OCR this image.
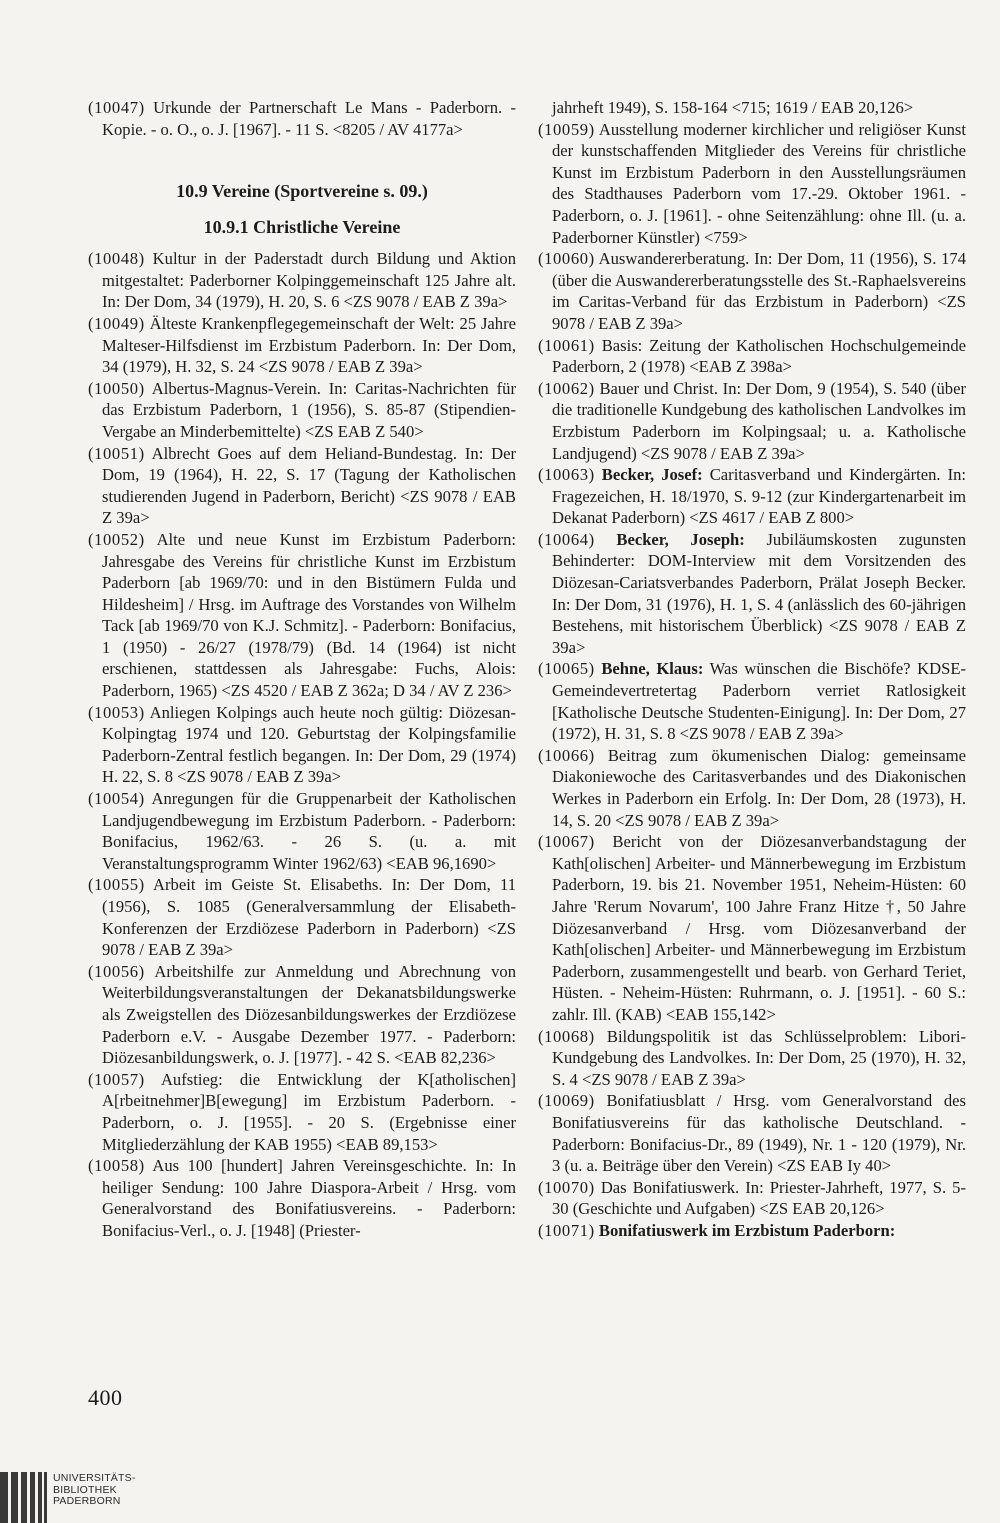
(10047) Urkunde der Partnerschaft Le Mans - Paderborn. - Kopie. - o. O., o. J. [1967]. - 11 S. <8205 / AV 4177a>

10.9 Vereine (Sportvereine s. 09.)

10.9.1 Christliche Vereine

(10048) Kultur in der Paderstadt durch Bildung und Aktion mitgestaltet: Paderborner Kolpinggemeinschaft 125 Jahre alt. In: Der Dom, 34 (1979), H. 20, S. 6 <ZS 9078 / EAB Z 39a>

(10049) Älteste Krankenpflegegemeinschaft der Welt: 25 Jahre Malteser-Hilfsdienst im Erzbistum Paderborn. In: Der Dom, 34 (1979), H. 32, S. 24 <ZS 9078 / EAB Z 39a>

(10050) Albertus-Magnus-Verein. In: Caritas-Nachrichten für das Erzbistum Paderborn, 1 (1956), S. 85-87 (Stipendien-Vergabe an Minderbemittelte) <ZS EAB Z 540>

(10051) Albrecht Goes auf dem Heliand-Bundestag. In: Der Dom, 19 (1964), H. 22, S. 17 (Tagung der Katholischen studierenden Jugend in Paderborn, Bericht) <ZS 9078 / EAB Z 39a>

(10052) Alte und neue Kunst im Erzbistum Paderborn: Jahresgabe des Vereins für christliche Kunst im Erzbistum Paderborn [ab 1969/70: und in den Bistümern Fulda und Hildesheim] / Hrsg. im Auftrage des Vorstandes von Wilhelm Tack [ab 1969/70 von K.J. Schmitz]. - Paderborn: Bonifacius, 1 (1950) - 26/27 (1978/79) (Bd. 14 (1964) ist nicht erschienen, stattdessen als Jahresgabe: Fuchs, Alois: Paderborn, 1965) <ZS 4520 / EAB Z 362a; D 34 / AV Z 236>

(10053) Anliegen Kolpings auch heute noch gültig: Diözesan-Kolpingtag 1974 und 120. Geburtstag der Kolpingsfamilie Paderborn-Zentral festlich begangen. In: Der Dom, 29 (1974) H. 22, S. 8 <ZS 9078 / EAB Z 39a>

(10054) Anregungen für die Gruppenarbeit der Katholischen Landjugendbewegung im Erzbistum Paderborn. - Paderborn: Bonifacius, 1962/63. - 26 S. (u. a. mit Veranstaltungsprogramm Winter 1962/63) <EAB 96,1690>

(10055) Arbeit im Geiste St. Elisabeths. In: Der Dom, 11 (1956), S. 1085 (Generalversammlung der Elisabeth-Konferenzen der Erzdiözese Paderborn in Paderborn) <ZS 9078 / EAB Z 39a>

(10056) Arbeitshilfe zur Anmeldung und Abrechnung von Weiterbildungsveranstaltungen der Dekanatsbildungswerke als Zweigstellen des Diözesanbildungswerkes der Erzdiözese Paderborn e.V. - Ausgabe Dezember 1977. - Paderborn: Diözesanbildungswerk, o. J. [1977]. - 42 S. <EAB 82,236>

(10057) Aufstieg: die Entwicklung der K[atholischen] A[rbeitnehmer]B[ewegung] im Erzbistum Paderborn. - Paderborn, o. J. [1955]. - 20 S. (Ergebnisse einer Mitgliederzählung der KAB 1955) <EAB 89,153>

(10058) Aus 100 [hundert] Jahren Vereinsgeschichte. In: In heiliger Sendung: 100 Jahre Diaspora-Arbeit / Hrsg. vom Generalvorstand des Bonifatiusvereins. - Paderborn: Bonifacius-Verl., o. J. [1948] (Priester-

jahrheft 1949), S. 158-164 <715; 1619 / EAB 20,126>

(10059) Ausstellung moderner kirchlicher und religiöser Kunst der kunstschaffenden Mitglieder des Vereins für christliche Kunst im Erzbistum Paderborn in den Ausstellungsräumen des Stadthauses Paderborn vom 17.-29. Oktober 1961. - Paderborn, o. J. [1961]. - ohne Seitenzählung: ohne Ill. (u. a. Paderborner Künstler) <759>

(10060) Auswandererberatung. In: Der Dom, 11 (1956), S. 174 (über die Auswandererberatungsstelle des St.-Raphaelsvereins im Caritas-Verband für das Erzbistum in Paderborn) <ZS 9078 / EAB Z 39a>

(10061) Basis: Zeitung der Katholischen Hochschulgemeinde Paderborn, 2 (1978) <EAB Z 398a>

(10062) Bauer und Christ. In: Der Dom, 9 (1954), S. 540 (über die traditionelle Kundgebung des katholischen Landvolkes im Erzbistum Paderborn im Kolpingsaal; u. a. Katholische Landjugend) <ZS 9078 / EAB Z 39a>

(10063) Becker, Josef: Caritasverband und Kindergärten. In: Fragezeichen, H. 18/1970, S. 9-12 (zur Kindergartenarbeit im Dekanat Paderborn) <ZS 4617 / EAB Z 800>

(10064) Becker, Joseph: Jubiläumskosten zugunsten Behinderter: DOM-Interview mit dem Vorsitzenden des Diözesan-Cariatsverbandes Paderborn, Prälat Joseph Becker. In: Der Dom, 31 (1976), H. 1, S. 4 (anlässlich des 60-jährigen Bestehens, mit historischem Überblick) <ZS 9078 / EAB Z 39a>

(10065) Behne, Klaus: Was wünschen die Bischöfe? KDSE-Gemeindevertretertag Paderborn verriet Ratlosigkeit [Katholische Deutsche Studenten-Einigung]. In: Der Dom, 27 (1972), H. 31, S. 8 <ZS 9078 / EAB Z 39a>

(10066) Beitrag zum ökumenischen Dialog: gemeinsame Diakoniewoche des Caritasverbandes und des Diakonischen Werkes in Paderborn ein Erfolg. In: Der Dom, 28 (1973), H. 14, S. 20 <ZS 9078 / EAB Z 39a>

(10067) Bericht von der Diözesanverbandstagung der Kath[olischen] Arbeiter- und Männerbewegung im Erzbistum Paderborn, 19. bis 21. November 1951, Neheim-Hüsten: 60 Jahre 'Rerum Novarum', 100 Jahre Franz Hitze †, 50 Jahre Diözesanverband / Hrsg. vom Diözesanverband der Kath[olischen] Arbeiter- und Männerbewegung im Erzbistum Paderborn, zusammengestellt und bearb. von Gerhard Teriet, Hüsten. - Neheim-Hüsten: Ruhrmann, o. J. [1951]. - 60 S.: zahlr. Ill. (KAB) <EAB 155,142>

(10068) Bildungspolitik ist das Schlüsselproblem: Libori-Kundgebung des Landvolkes. In: Der Dom, 25 (1970), H. 32, S. 4 <ZS 9078 / EAB Z 39a>

(10069) Bonifatiusblatt / Hrsg. vom Generalvorstand des Bonifatiusvereins für das katholische Deutschland. - Paderborn: Bonifacius-Dr., 89 (1949), Nr. 1 - 120 (1979), Nr. 3 (u. a. Beiträge über den Verein) <ZS EAB Iy 40>

(10070) Das Bonifatiuswerk. In: Priester-Jahrheft, 1977, S. 5-30 (Geschichte und Aufgaben) <ZS EAB 20,126>

(10071) Bonifatiuswerk im Erzbistum Paderborn:

400
UNIVERSITÄTS-
BIBLIOTHEK
PADERBORN
